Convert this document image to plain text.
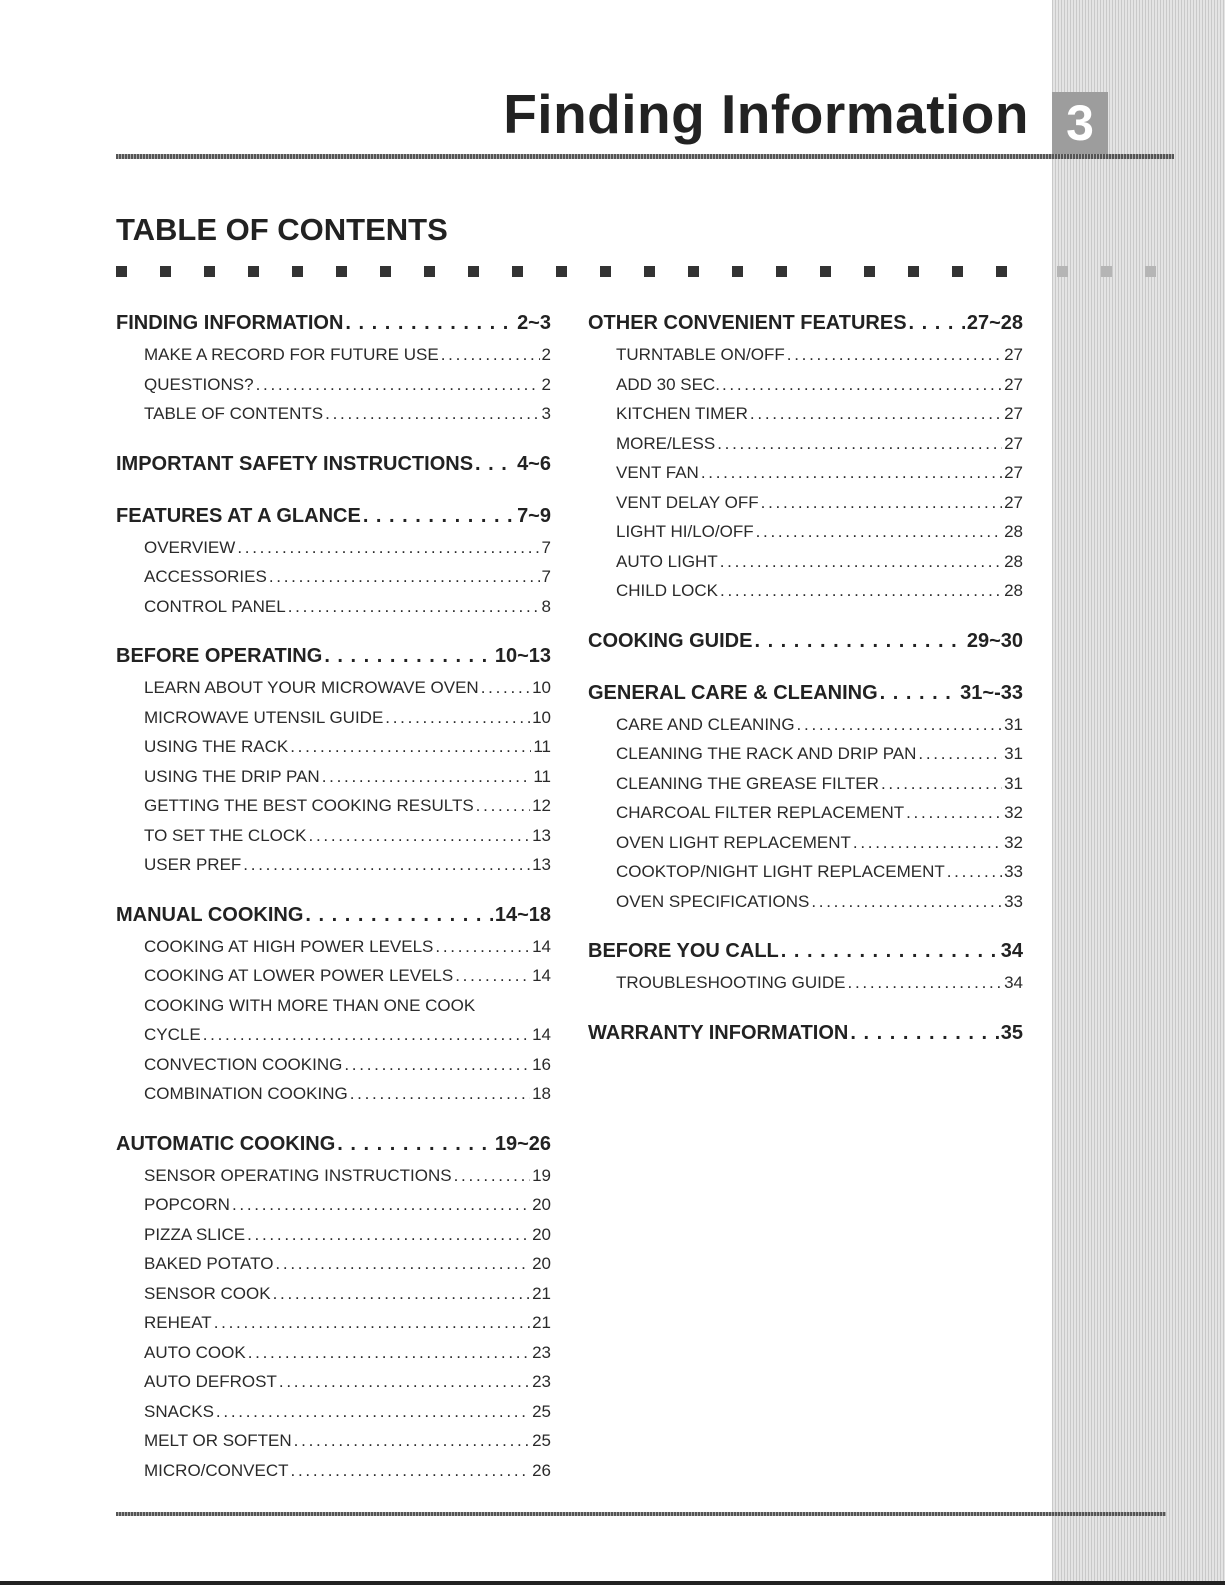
3
Finding Information
TABLE OF CONTENTS
FINDING INFORMATION . . .	2~3
MAKE A RECORD FOR FUTURE USE . . .	2
QUESTIONS? . . .	2
TABLE OF CONTENTS . . .	3
IMPORTANT SAFETY INSTRUCTIONS . . . 4~6
FEATURES AT A GLANCE . . .	7~9
OVERVIEW . . .	7
ACCESSORIES . . .	7
CONTROL PANEL . . .	8
BEFORE OPERATING . . .	10~13
LEARN ABOUT YOUR MICROWAVE OVEN . . .	10
MICROWAVE UTENSIL GUIDE . . .	10
USING THE RACK . . .	11
USING THE DRIP PAN . . .	11
GETTING THE BEST COOKING RESULTS . . .	12
TO SET THE CLOCK . . .	13
USER PREF . . .	13
MANUAL COOKING . . .	14~18
COOKING AT HIGH POWER LEVELS . . .	14
COOKING AT LOWER POWER LEVELS . . .	14
COOKING WITH MORE THAN ONE COOK
CYCLE . . .	14
CONVECTION COOKING . . .	16
COMBINATION COOKING . . .	18
AUTOMATIC COOKING . . .	19~26
SENSOR OPERATING INSTRUCTIONS . . .	19
POPCORN . . .	20
PIZZA SLICE . . .	20
BAKED POTATO . . .	20
SENSOR COOK . . .	21
REHEAT . . .	21
AUTO COOK . . .	23
AUTO DEFROST . . .	23
SNACKS . . .	25
MELT OR SOFTEN . . .	25
MICRO/CONVECT . . .	26
OTHER CONVENIENT FEATURES . . .	27~28
TURNTABLE ON/OFF . . .	27
ADD 30 SEC. . . .	27
KITCHEN TIMER . . .	27
MORE/LESS . . .	27
VENT FAN . . .	27
VENT DELAY OFF . . .	27
LIGHT HI/LO/OFF . . .	28
AUTO LIGHT . . .	28
CHILD LOCK . . .	28
COOKING GUIDE . . .	29~30
GENERAL CARE & CLEANING . . .	31~-33
CARE AND CLEANING . . .	31
CLEANING THE RACK AND DRIP PAN . . .	31
CLEANING THE GREASE FILTER . . .	31
CHARCOAL FILTER REPLACEMENT . . .	32
OVEN LIGHT REPLACEMENT . . .	32
COOKTOP/NIGHT LIGHT REPLACEMENT . . .	33
OVEN SPECIFICATIONS . . .	33
BEFORE YOU CALL . . .	34
TROUBLESHOOTING GUIDE . . .	34
WARRANTY INFORMATION . . .	35
